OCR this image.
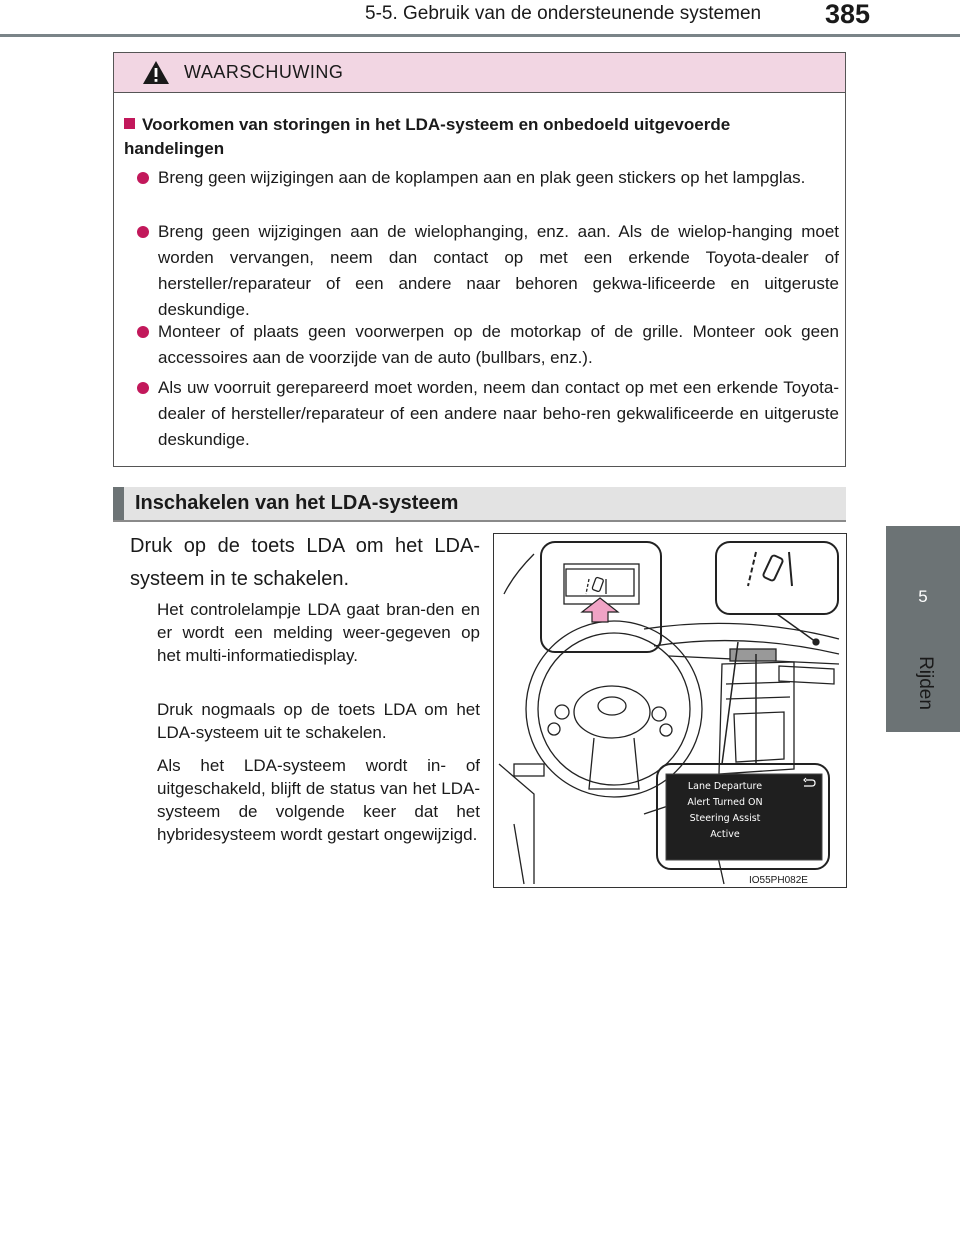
5-5. Gebruik van de ondersteunende systemen 385
5
Rijden
WAARSCHUWING
Voorkomen van storingen in het LDA-systeem en onbedoeld uitgevoerde handelingen
Breng geen wijzigingen aan de koplampen aan en plak geen stickers op het lampglas.
Breng geen wijzigingen aan de wielophanging, enz. aan. Als de wielop-hanging moet worden vervangen, neem dan contact op met een erkende Toyota-dealer of hersteller/reparateur of een andere naar behoren gekwa-lificeerde en uitgeruste deskundige.
Monteer of plaats geen voorwerpen op de motorkap of de grille. Monteer ook geen accessoires aan de voorzijde van de auto (bullbars, enz.).
Als uw voorruit gerepareerd moet worden, neem dan contact op met een erkende Toyota-dealer of hersteller/reparateur of een andere naar beho-ren gekwalificeerde en uitgeruste deskundige.
Inschakelen van het LDA-systeem
Druk op de toets LDA om het LDA-systeem in te schakelen.
Het controlelampje LDA gaat bran-den en er wordt een melding weer-gegeven op het multi-informatiedisplay.
Druk nogmaals op de toets LDA om het LDA-systeem uit te schakelen.
Als het LDA-systeem wordt in- of uitgeschakeld, blijft de status van het LDA-systeem de volgende keer dat het hybridesysteem wordt gestart ongewijzigd.
Lane Departure
Alert Turned ON
Steering Assist
Active
IO55PH082E
